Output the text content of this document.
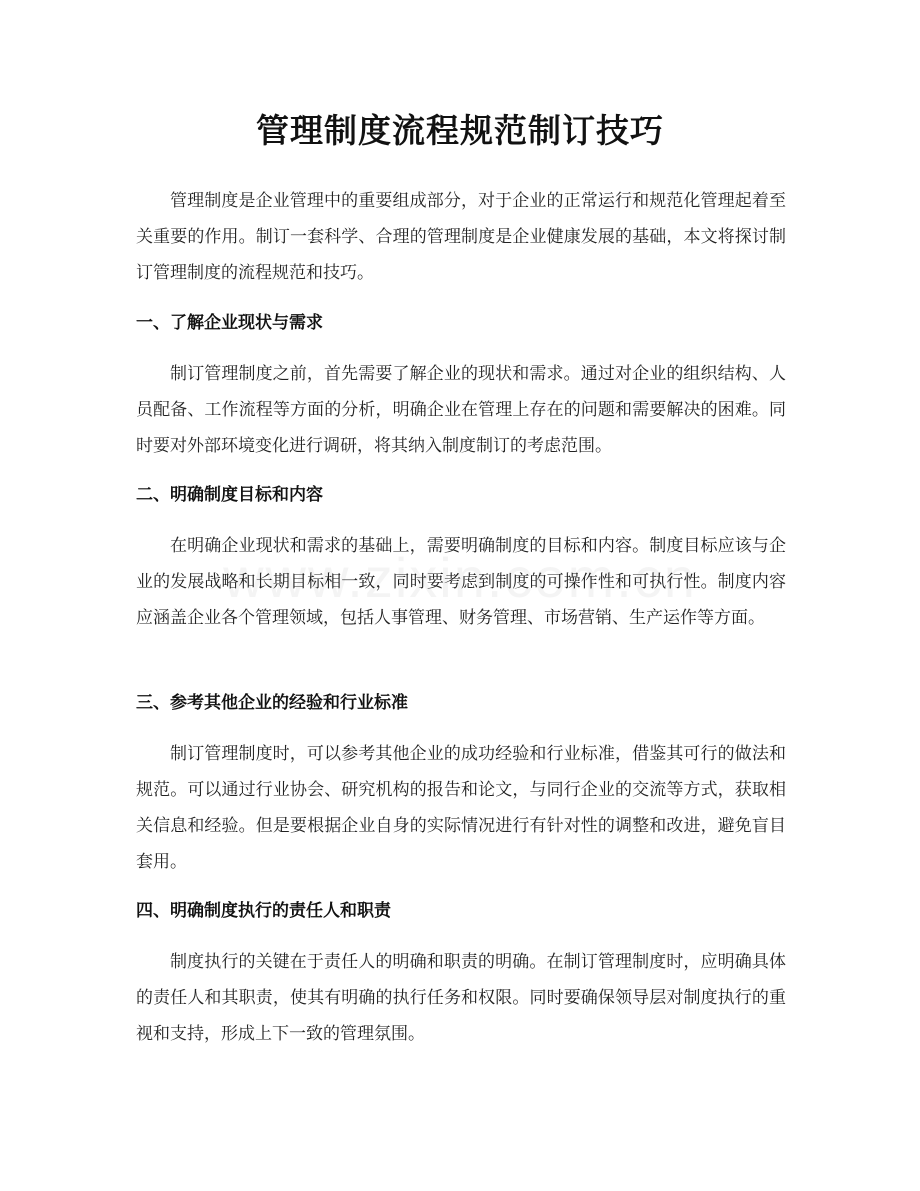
管理制度流程规范制订技巧

管理制度是企业管理中的重要组成部分，对于企业的正常运行和规范化管理起着至关重要的作用。制订一套科学、合理的管理制度是企业健康发展的基础，本文将探讨制订管理制度的流程规范和技巧。

一、了解企业现状与需求

制订管理制度之前，首先需要了解企业的现状和需求。通过对企业的组织结构、人员配备、工作流程等方面的分析，明确企业在管理上存在的问题和需要解决的困难。同时要对外部环境变化进行调研，将其纳入制度制订的考虑范围。

二、明确制度目标和内容

在明确企业现状和需求的基础上，需要明确制度的目标和内容。制度目标应该与企业的发展战略和长期目标相一致，同时要考虑到制度的可操作性和可执行性。制度内容应涵盖企业各个管理领域，包括人事管理、财务管理、市场营销、生产运作等方面。

三、参考其他企业的经验和行业标准

制订管理制度时，可以参考其他企业的成功经验和行业标准，借鉴其可行的做法和规范。可以通过行业协会、研究机构的报告和论文，与同行企业的交流等方式，获取相关信息和经验。但是要根据企业自身的实际情况进行有针对性的调整和改进，避免盲目套用。

四、明确制度执行的责任人和职责

制度执行的关键在于责任人的明确和职责的明确。在制订管理制度时，应明确具体的责任人和其职责，使其有明确的执行任务和权限。同时要确保领导层对制度执行的重视和支持，形成上下一致的管理氛围。
